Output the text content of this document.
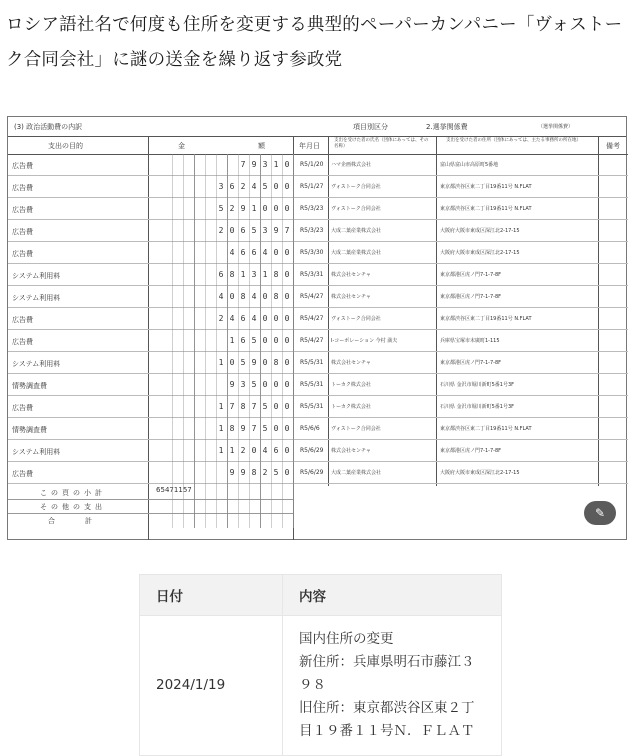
ロシア語社名で何度も住所を変更する典型的ペーパーカンパニー「ヴォストーク合同会社」に謎の送金を繰り返す参政党
(3) 政治活動費の内訳	項目別区分	2.選挙関係費	（選挙関係費）
支出の目的	金	額	年月日
支出を受けた者の氏名（団体にあっては、その名称）
支出を受けた者の住所（団体にあっては、主たる事務所の所在地）
備考
広告費	7 9 3 1 0	R5/1/20 ハマ企画株式会社	富山県富山市高原町5番地
広告費	3 6 2 4 5 0 0	R5/1/27 ヴォストーク合同会社	東京都渋谷区東二丁目19番11号 N.FLAT
広告費	5 2 9 1 0 0 0	R5/3/23 ヴォストーク合同会社	東京都渋谷区東二丁目19番11号 N.FLAT
広告費	2 0 6 5 3 9 7	R5/3/23 大成二葉産業株式会社	大阪府大阪市東成区深江北2-17-15
広告費	4 6 6 4 0 0	R5/3/30 大成二葉産業株式会社	大阪府大阪市東成区深江北2-17-15
システム利用料	6 8 1 3 1 8 0	R5/3/31 株式会社センチャ	東京都港区虎ノ門7-1-7-8F
システム利用料	4 0 8 4 0 8 0	R5/4/27 株式会社センチャ	東京都港区虎ノ門7-1-7-8F
広告費	2 4 6 4 0 0 0	R5/4/27 ヴォストーク合同会社	東京都渋谷区東二丁目19番11号 N.FLAT
広告費	1 6 5 0 0 0	R5/4/27 I-コーポレーション 今村 満夫	兵庫県宝塚市末廣町1-115
システム利用料	1 0 5 9 0 8 0	R5/5/31 株式会社センチャ	東京都港区虎ノ門7-1-7-8F
情勢調査費	9 3 5 0 0 0	R5/5/31 トーカク株式会社	石川県 金沢市堀川新町5番1号3F
広告費	1 7 8 7 5 0 0	R5/5/31 トーカク株式会社	石川県 金沢市堀川新町5番1号3F
情勢調査費	1 8 9 7 5 0 0	R5/6/6 ヴォストーク合同会社	東京都渋谷区東二丁目19番11号 N.FLAT
システム利用料	1 1 2 0 4 6 0	R5/6/29 株式会社センチャ	東京都港区虎ノ門7-1-7-8F
広告費	9 9 8 2 5 0	R5/6/29 大成二葉産業株式会社	大阪府大阪市東成区深江北2-17-15
この頁の小計	65471157
その他の支出
合計
✎
日付	内容
2024/1/19	国内住所の変更
新住所：兵庫県明石市藤江３９８
旧住所：東京都渋谷区東２丁目１９番１１号Ｎ．ＦＬＡＴ
